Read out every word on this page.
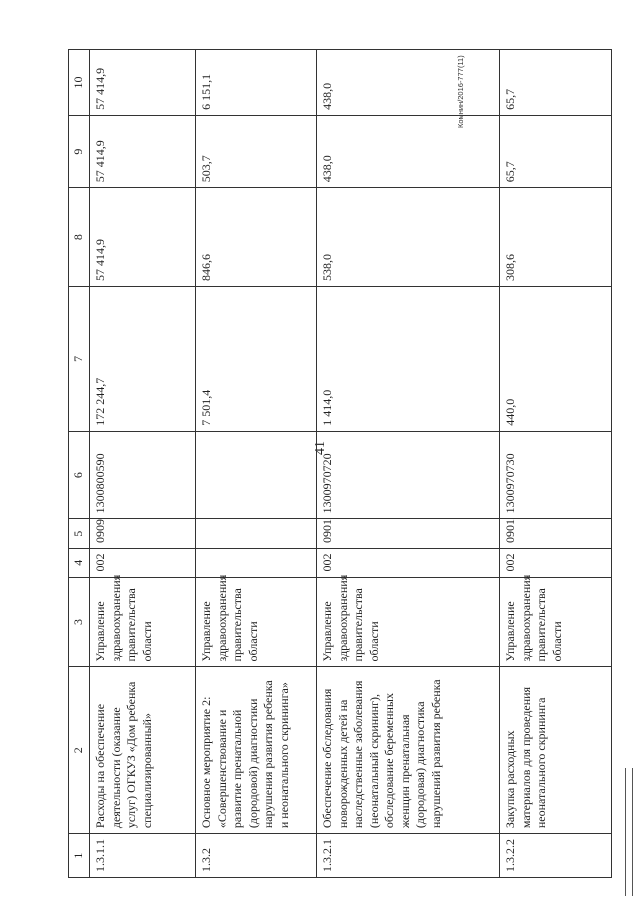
41
Комнин/2016-777(11)
1	2	3	4	5	6	7	8	9	10
1.3.1.1	Расходы на обеспечение деятельности (оказание услуг) ОГКУЗ «Дом ребенка специализированный»	Управление здравоохранения правительства области	002	0909	1300800590	172 244,7	57 414,9	57 414,9	57 414,9
1.3.2	Основное мероприятие 2: «Совершенствование и развитие пренатальной (дородовой) диагностики нарушения развития ребенка и неонатального скрининга»	Управление здравоохранения правительства области				7 501,4	846,6	503,7	6 151,1
1.3.2.1	Обеспечение обследования новорожденных детей на наследственные заболевания (неонатальный скрининг), обследование беременных женщин пренатальная (дородовая) диагностика нарушений развития ребенка	Управление здравоохранения правительства области	002	0901	1300970720	1 414,0	538,0	438,0	438,0
1.3.2.2	Закупка расходных материалов для проведения неонатального скрининга	Управление здравоохранения правительства области	002	0901	1300970730	440,0	308,6	65,7	65,7
